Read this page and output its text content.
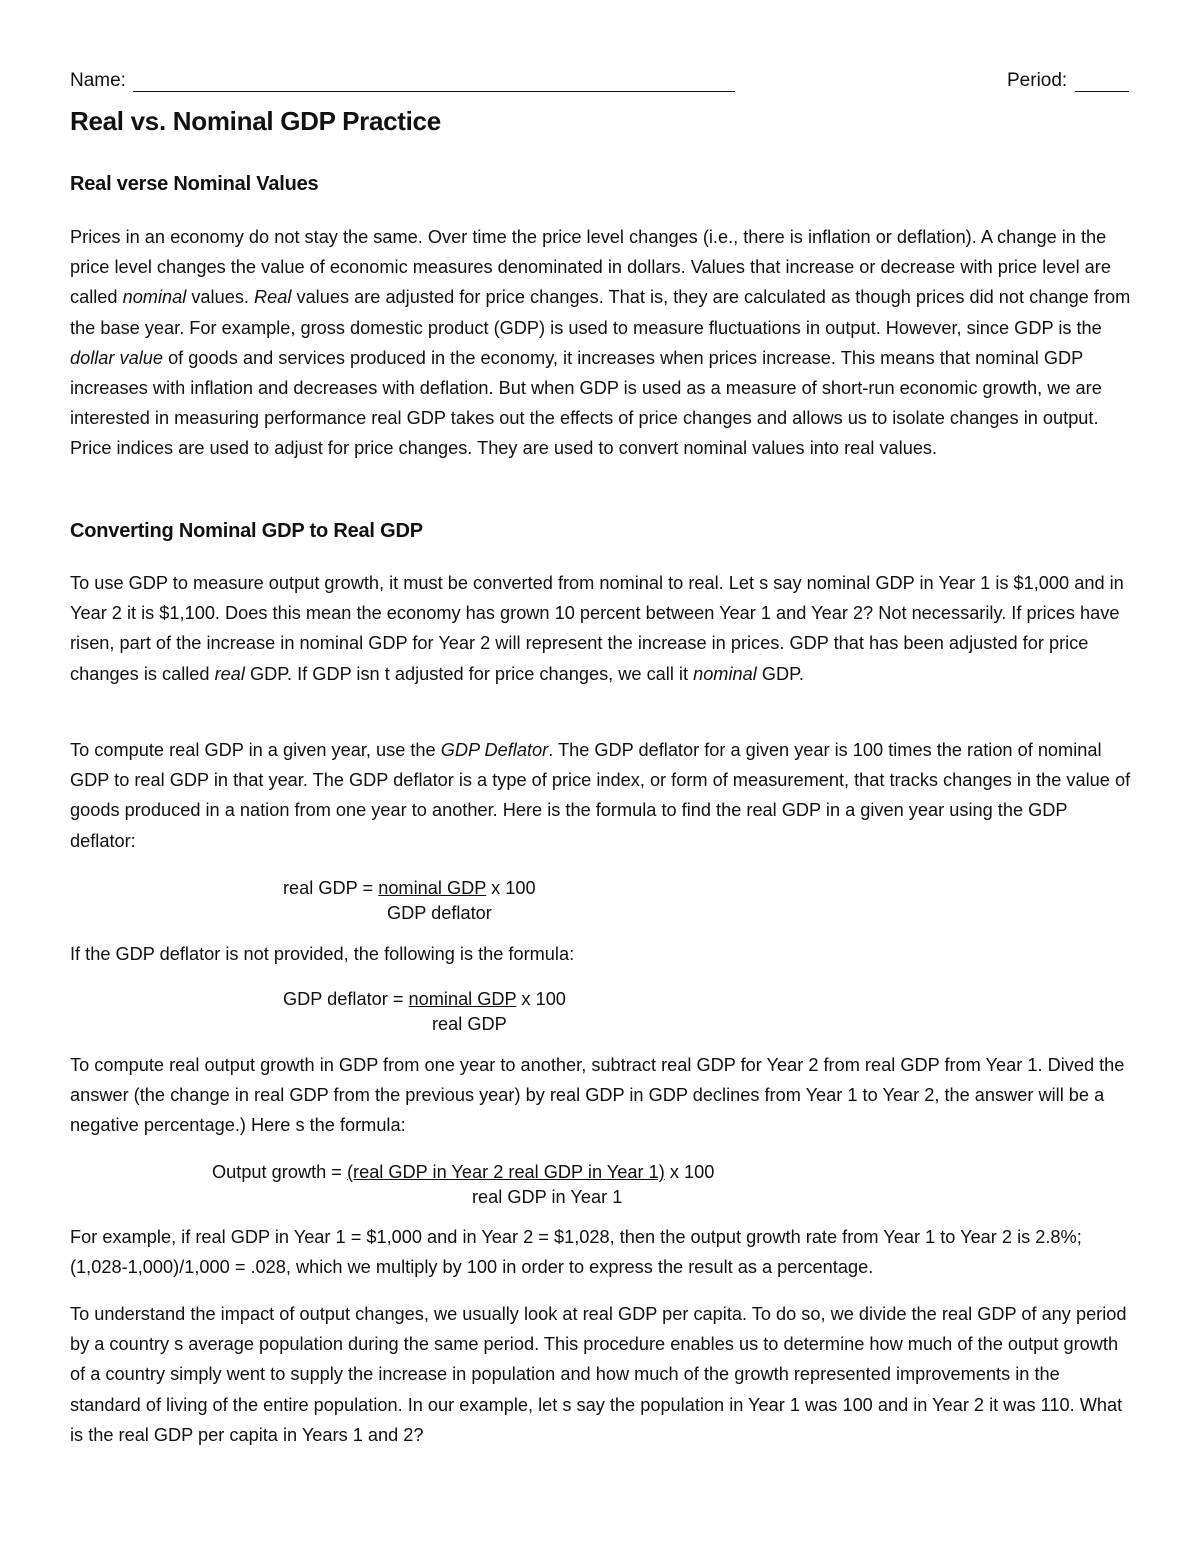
Name:	Period:
Real vs. Nominal GDP Practice
Real verse Nominal Values

Prices in an economy do not stay the same. Over time the price level changes (i.e., there is inflation or deflation). A change in the price level changes the value of economic measures denominated in dollars. Values that increase or decrease with price level are called nominal values. Real values are adjusted for price changes. That is, they are calculated as though prices did not change from the base year. For example, gross domestic product (GDP) is used to measure fluctuations in output. However, since GDP is the dollar value of goods and services produced in the economy, it increases when prices increase. This means that nominal GDP increases with inflation and decreases with deflation. But when GDP is used as a measure of short-run economic growth, we are interested in measuring performance real GDP takes out the effects of price changes and allows us to isolate changes in output. Price indices are used to adjust for price changes. They are used to convert nominal values into real values.

Converting Nominal GDP to Real GDP

To use GDP to measure output growth, it must be converted from nominal to real. Let s say nominal GDP in Year 1 is $1,000 and in Year 2 it is $1,100. Does this mean the economy has grown 10 percent between Year 1 and Year 2? Not necessarily. If prices have risen, part of the increase in nominal GDP for Year 2 will represent the increase in prices. GDP that has been adjusted for price changes is called real GDP. If GDP isn t adjusted for price changes, we call it nominal GDP.

To compute real GDP in a given year, use the GDP Deflator. The GDP deflator for a given year is 100 times the ration of nominal GDP to real GDP in that year. The GDP deflator is a type of price index, or form of measurement, that tracks changes in the value of goods produced in a nation from one year to another. Here is the formula to find the real GDP in a given year using the GDP deflator:

real GDP = nominal GDP x 100
GDP deflator

If the GDP deflator is not provided, the following is the formula:

GDP deflator = nominal GDP x 100
real GDP

To compute real output growth in GDP from one year to another, subtract real GDP for Year 2 from real GDP from Year 1. Dived the answer (the change in real GDP from the previous year) by real GDP in GDP declines from Year 1 to Year 2, the answer will be a negative percentage.) Here s the formula:

Output growth = (real GDP in Year 2 real GDP in Year 1) x 100
real GDP in Year 1

For example, if real GDP in Year 1 = $1,000 and in Year 2 = $1,028, then the output growth rate from Year 1 to Year 2 is 2.8%; (1,028-1,000)/1,000 = .028, which we multiply by 100 in order to express the result as a percentage.

To understand the impact of output changes, we usually look at real GDP per capita. To do so, we divide the real GDP of any period by a country s average population during the same period. This procedure enables us to determine how much of the output growth of a country simply went to supply the increase in population and how much of the growth represented improvements in the standard of living of the entire population. In our example, let s say the population in Year 1 was 100 and in Year 2 it was 110. What is the real GDP per capita in Years 1 and 2?
